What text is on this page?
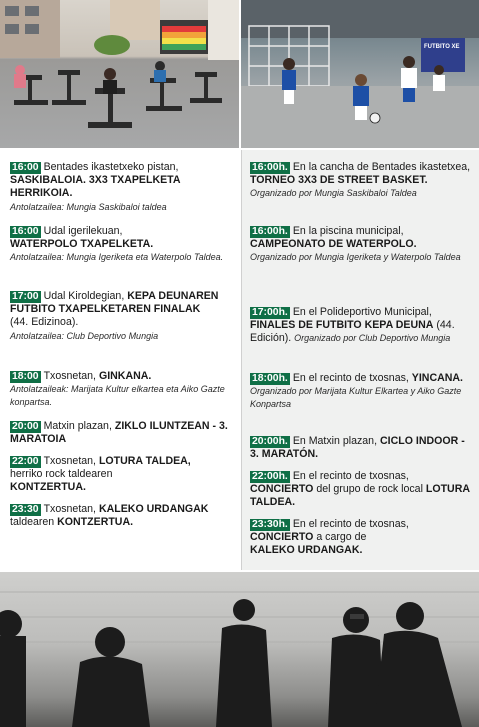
FUTBITO XE
16:00 Bentades ikastetxeko pistan,
SASKIBALOIA. 3X3 TXAPELKETA HERRIKOIA.
Antolatzailea: Mungia Saskibaloi taldea
16:00 Udal igerilekuan,
WATERPOLO TXAPELKETA.
Antolatzailea: Mungia Igeriketa eta Waterpolo Taldea.
17:00 Udal Kiroldegian, KEPA DEUNAREN FUTBITO TXAPELKETAREN FINALAK
(44. Edizinoa).
Antolatzailea: Club Deportivo Mungia
18:00 Txosnetan, GINKANA.
Antolatzaileak: Marijata Kultur elkartea eta Aiko Gazte konpartsa.
20:00 Matxin plazan, ZIKLO ILUNTZEAN - 3. MARATOIA
22:00 Txosnetan, LOTURA TALDEA,
herriko rock taldearen
KONTZERTUA.
23:30 Txosnetan, KALEKO URDANGAK
taldearen KONTZERTUA.
16:00h. En la cancha de Bentades ikastetxea, TORNEO 3X3 DE STREET BASKET. Organizado por Mungia Saskibaloi Taldea
16:00h. En la piscina municipal,
CAMPEONATO DE WATERPOLO.
Organizado por Mungia Igeriketa y Waterpolo Taldea
17:00h. En el Polideportivo Municipal, FINALES DE FUTBITO KEPA DEUNA (44. Edición). Organizado por Club Deportivo Mungia
18:00h. En el recinto de txosnas, YINCANA. Organizado por Marijata Kultur Elkartea y Aiko Gazte Konpartsa
20:00h. En Matxin plazan, CICLO INDOOR - 3. MARATÓN.
22:00h. En el recinto de txosnas,
CONCIERTO del grupo de rock local LOTURA TALDEA.
23:30h. En el recinto de txosnas,
CONCIERTO a cargo de
KALEKO URDANGAK.
